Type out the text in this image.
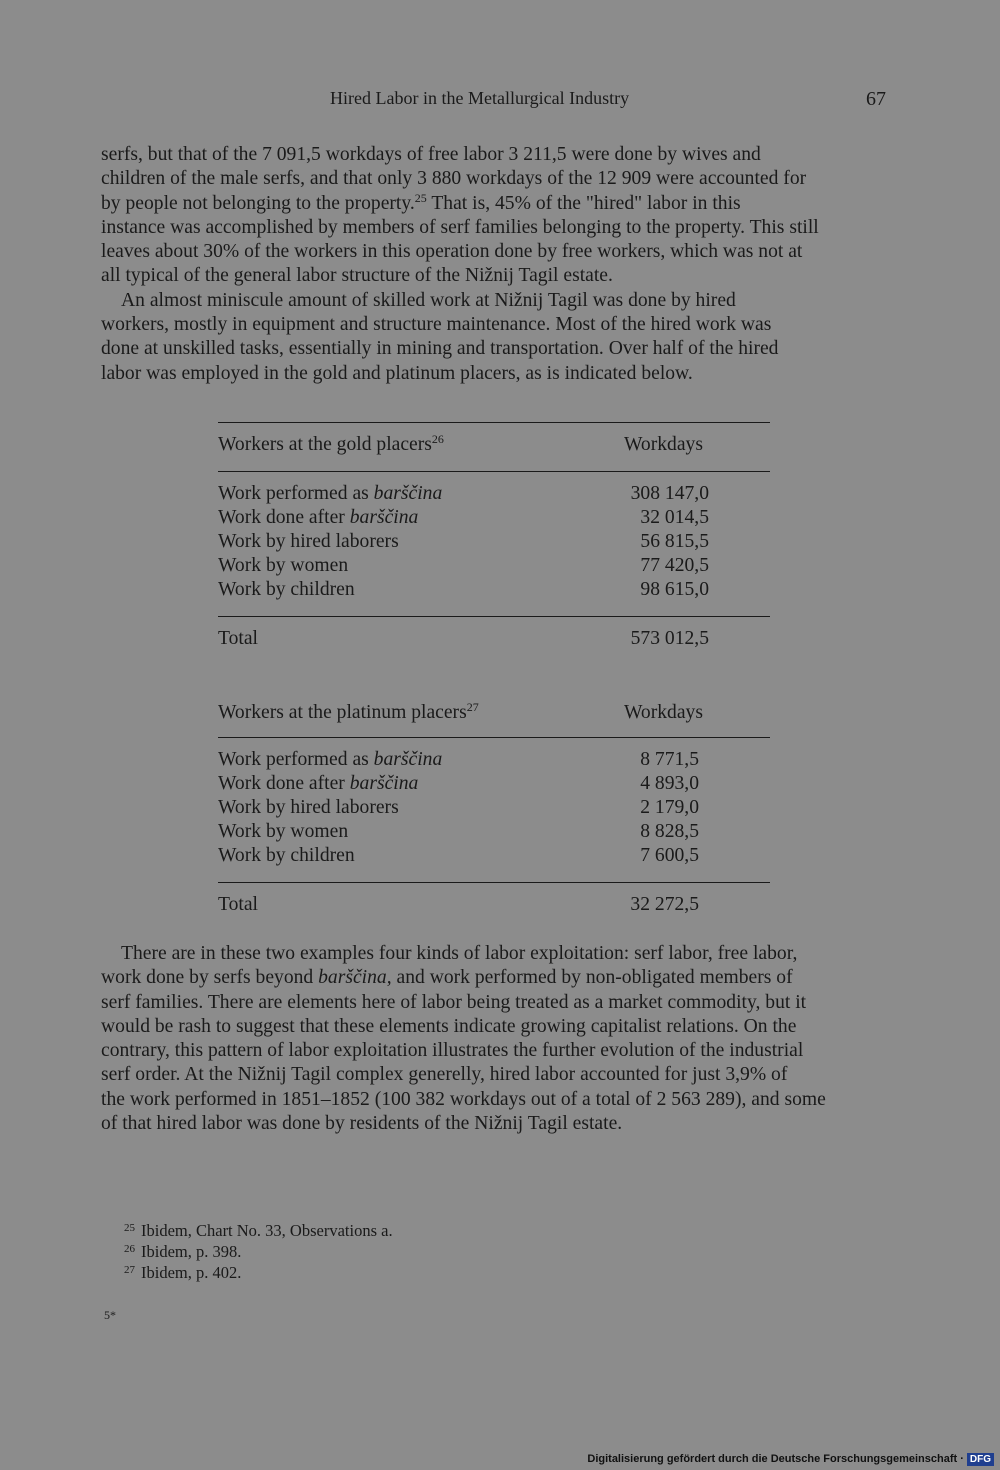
Hired Labor in the Metallurgical Industry	67

serfs, but that of the 7 091,5 workdays of free labor 3 211,5 were done by wives and

children of the male serfs, and that only 3 880 workdays of the 12 909 were accounted for

by people not belonging to the property.$^{25}$ That is, 45% of the "hired" labor in this

instance was accomplished by members of serf families belonging to the property. This still

leaves about 30% of the workers in this operation done by free workers, which was not at

all typical of the general labor structure of the Nižnij Tagil estate.

An almost miniscule amount of skilled work at Nižnij Tagil was done by hired

workers, mostly in equipment and structure maintenance. Most of the hired work was

done at unskilled tasks, essentially in mining and transportation. Over half of the hired

labor was employed in the gold and platinum placers, as is indicated below.

Workers at the gold placers$^{26}$	Workdays
Work performed as barščina	308 147,0
Work done after barščina	32 014,5
Work by hired laborers	56 815,5
Work by women	77 420,5
Work by children	98 615,0
Total	573 012,5
Workers at the platinum placers$^{27}$	Workdays
Work performed as barščina	8 771,5
Work done after barščina	4 893,0
Work by hired laborers	2 179,0
Work by women	8 828,5
Work by children	7 600,5
Total	32 272,5

There are in these two examples four kinds of labor exploitation: serf labor, free labor,

work done by serfs beyond barščina, and work performed by non-obligated members of

serf families. There are elements here of labor being treated as a market commodity, but it

would be rash to suggest that these elements indicate growing capitalist relations. On the

contrary, this pattern of labor exploitation illustrates the further evolution of the industrial

serf order. At the Nižnij Tagil complex generelly, hired labor accounted for just 3,9% of

the work performed in 1851–1852 (100 382 workdays out of a total of 2 563 289), and some

of that hired labor was done by residents of the Nižnij Tagil estate.

$^{25}$ Ibidem, Chart No. 33, Observations a.
$^{26}$ Ibidem, p. 398.
$^{27}$ Ibidem, p. 402.
5*
Digitalisierung gefördert durch die Deutsche Forschungsgemeinschaft · DFG
